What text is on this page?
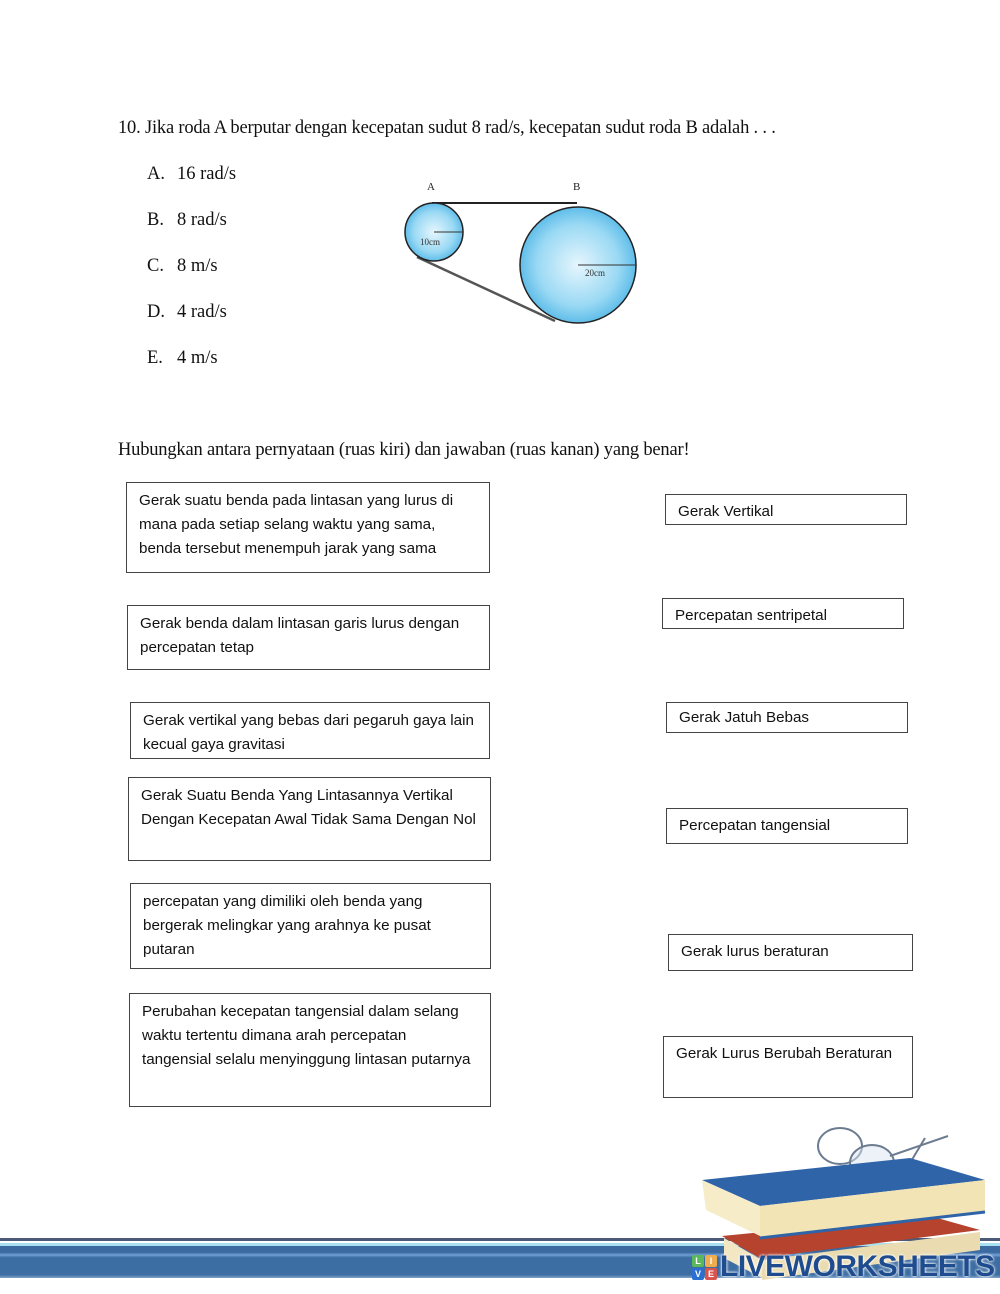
10. Jika roda A berputar dengan kecepatan sudut 8 rad/s, kecepatan sudut roda B adalah . . .
A. 16 rad/s
B. 8 rad/s
C. 8 m/s
D. 4 rad/s
E. 4 m/s
A	B
10cm
20cm
Hubungkan antara pernyataan (ruas kiri) dan jawaban (ruas kanan) yang benar!
Gerak suatu benda pada lintasan yang lurus di mana pada setiap selang waktu yang sama, benda tersebut menempuh jarak yang sama
Gerak benda dalam lintasan garis lurus dengan percepatan tetap
Gerak vertikal yang bebas dari pegaruh gaya lain kecual gaya gravitasi
Gerak Suatu Benda Yang Lintasannya Vertikal Dengan Kecepatan Awal Tidak Sama Dengan Nol
percepatan yang dimiliki oleh benda yang bergerak melingkar yang arahnya ke pusat putaran
Perubahan kecepatan tangensial dalam selang waktu tertentu dimana arah percepatan tangensial selalu menyinggung lintasan putarnya
Gerak Vertikal
Percepatan sentripetal
Gerak Jatuh Bebas
Percepatan tangensial
Gerak lurus beraturan
Gerak Lurus Berubah Beraturan
L I
V E LIVEWORKSHEETS
